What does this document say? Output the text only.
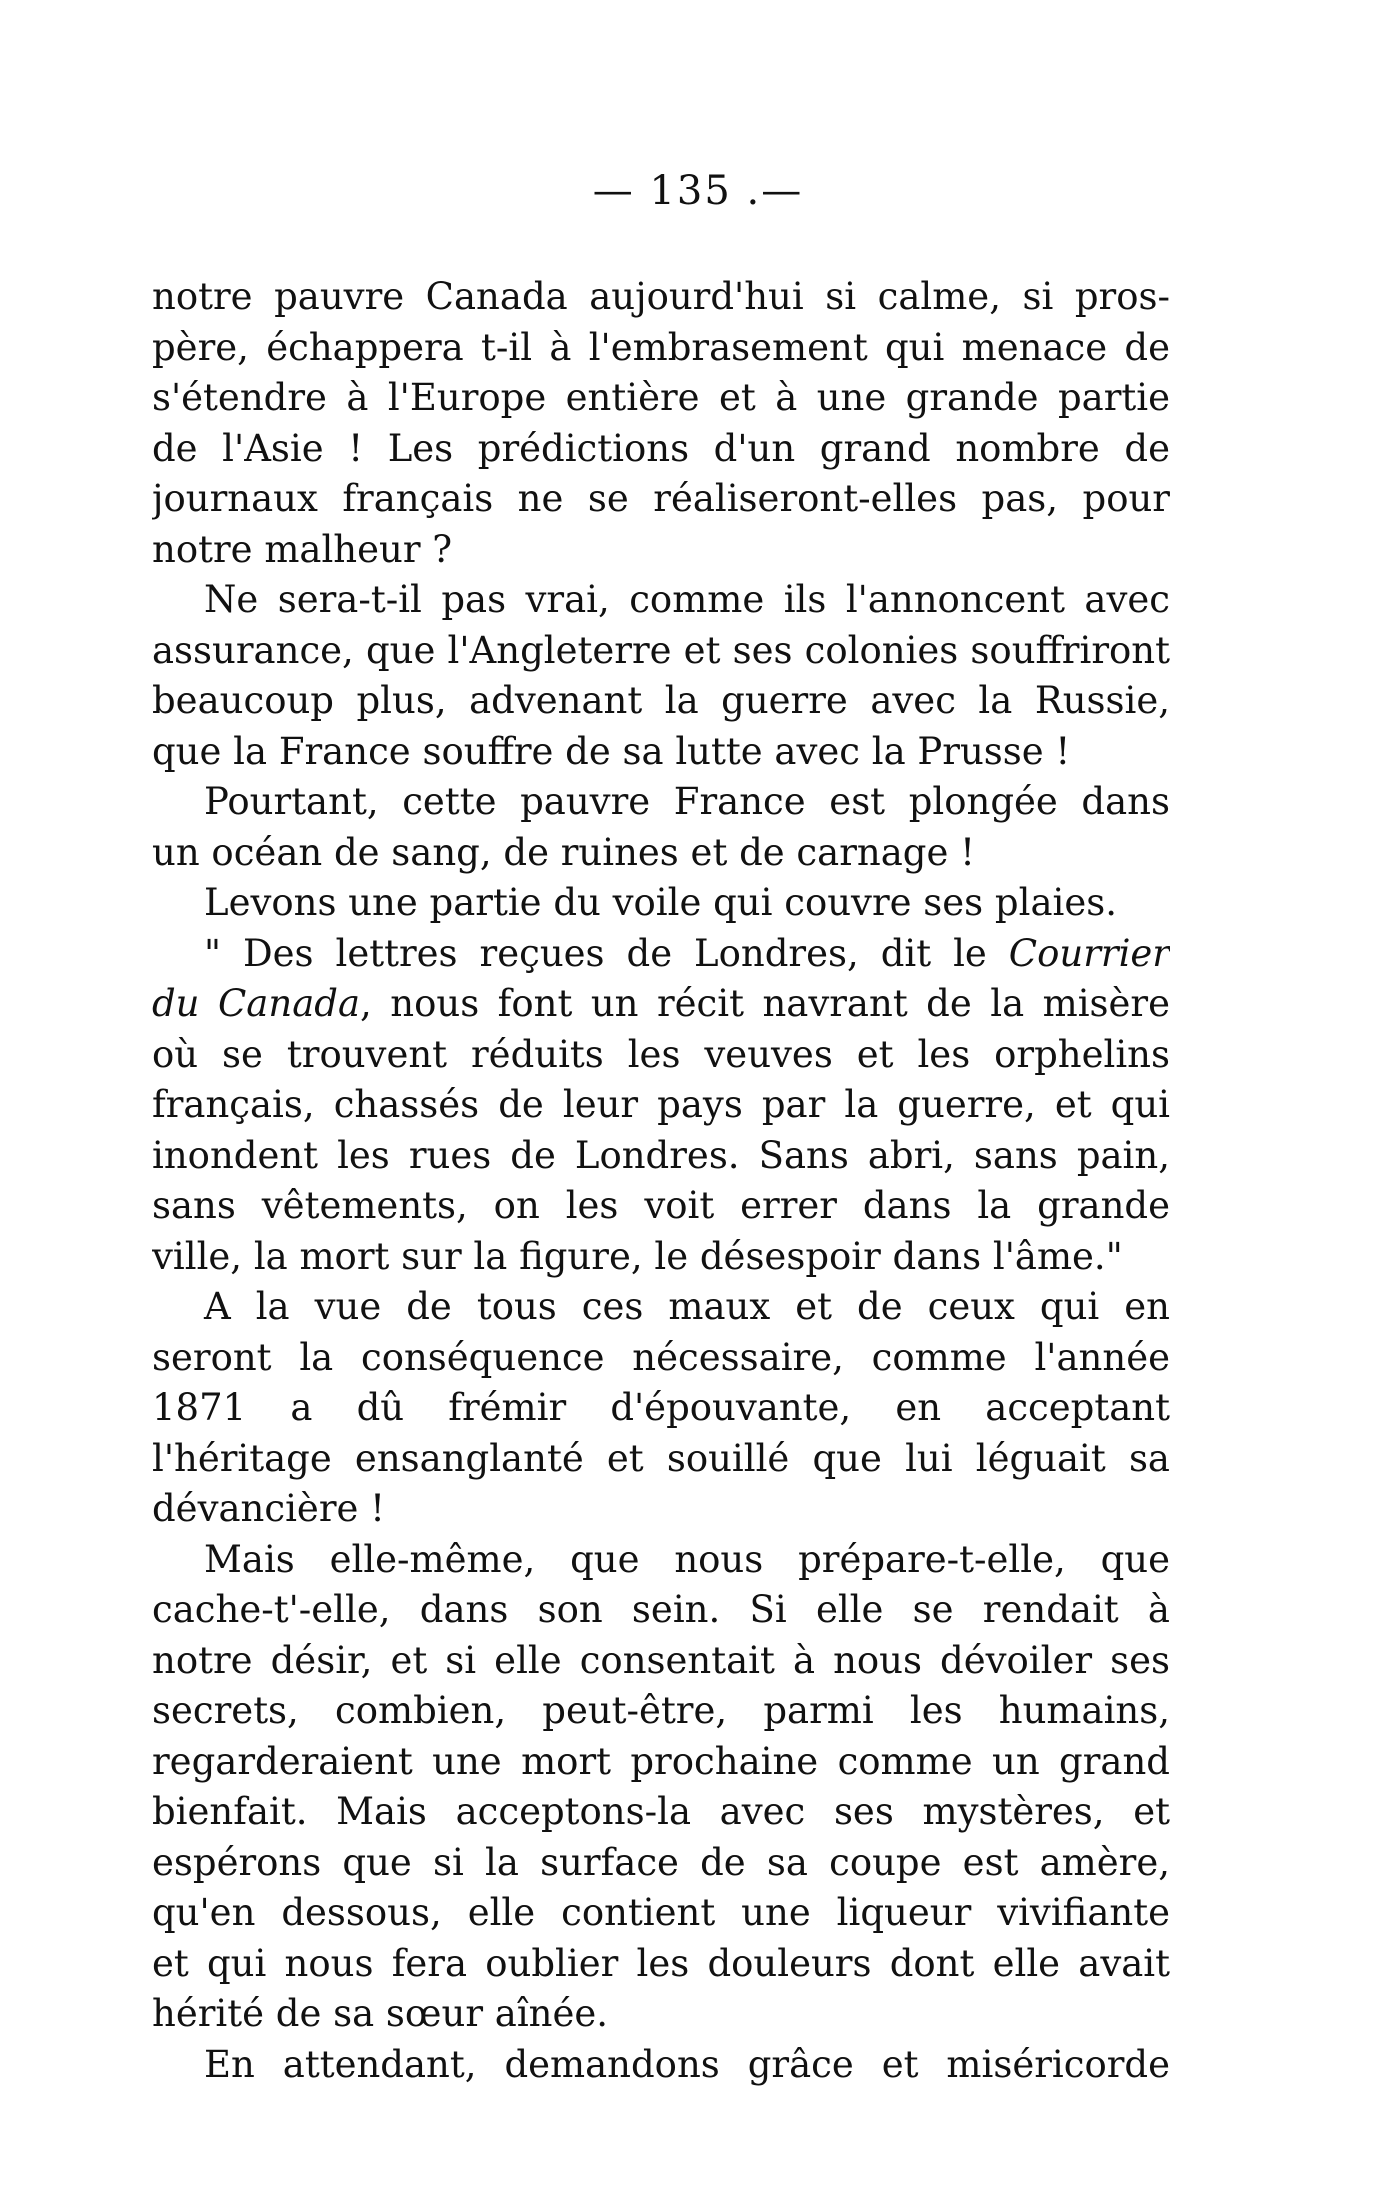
— 135 .—
notre pauvre Canada aujourd'hui si calme, si pros-
père, échappera t-il à l'embrasement qui menace de
s'étendre à l'Europe entière et à une grande partie
de l'Asie ! Les prédictions d'un grand nombre de
journaux français ne se réaliseront-elles pas, pour
notre malheur ?
Ne sera-t-il pas vrai, comme ils l'annoncent avec
assurance, que l'Angleterre et ses colonies souffriront
beaucoup plus, advenant la guerre avec la Russie,
que la France souffre de sa lutte avec la Prusse !
Pourtant, cette pauvre France est plongée dans
un océan de sang, de ruines et de carnage !
Levons une partie du voile qui couvre ses plaies.
" Des lettres reçues de Londres, dit le Courrier
du Canada, nous font un récit navrant de la misère
où se trouvent réduits les veuves et les orphelins
français, chassés de leur pays par la guerre, et qui
inondent les rues de Londres. Sans abri, sans pain,
sans vêtements, on les voit errer dans la grande
ville, la mort sur la figure, le désespoir dans l'âme."
A la vue de tous ces maux et de ceux qui en
seront la conséquence nécessaire, comme l'année
1871 a dû frémir d'épouvante, en acceptant
l'héritage ensanglanté et souillé que lui léguait sa
dévancière !
Mais elle-même, que nous prépare-t-elle, que
cache-t'-elle, dans son sein. Si elle se rendait à
notre désir, et si elle consentait à nous dévoiler ses
secrets, combien, peut-être, parmi les humains,
regarderaient une mort prochaine comme un grand
bienfait. Mais acceptons-la avec ses mystères, et
espérons que si la surface de sa coupe est amère,
qu'en dessous, elle contient une liqueur vivifiante
et qui nous fera oublier les douleurs dont elle avait
hérité de sa sœur aînée.
En attendant, demandons grâce et miséricorde
